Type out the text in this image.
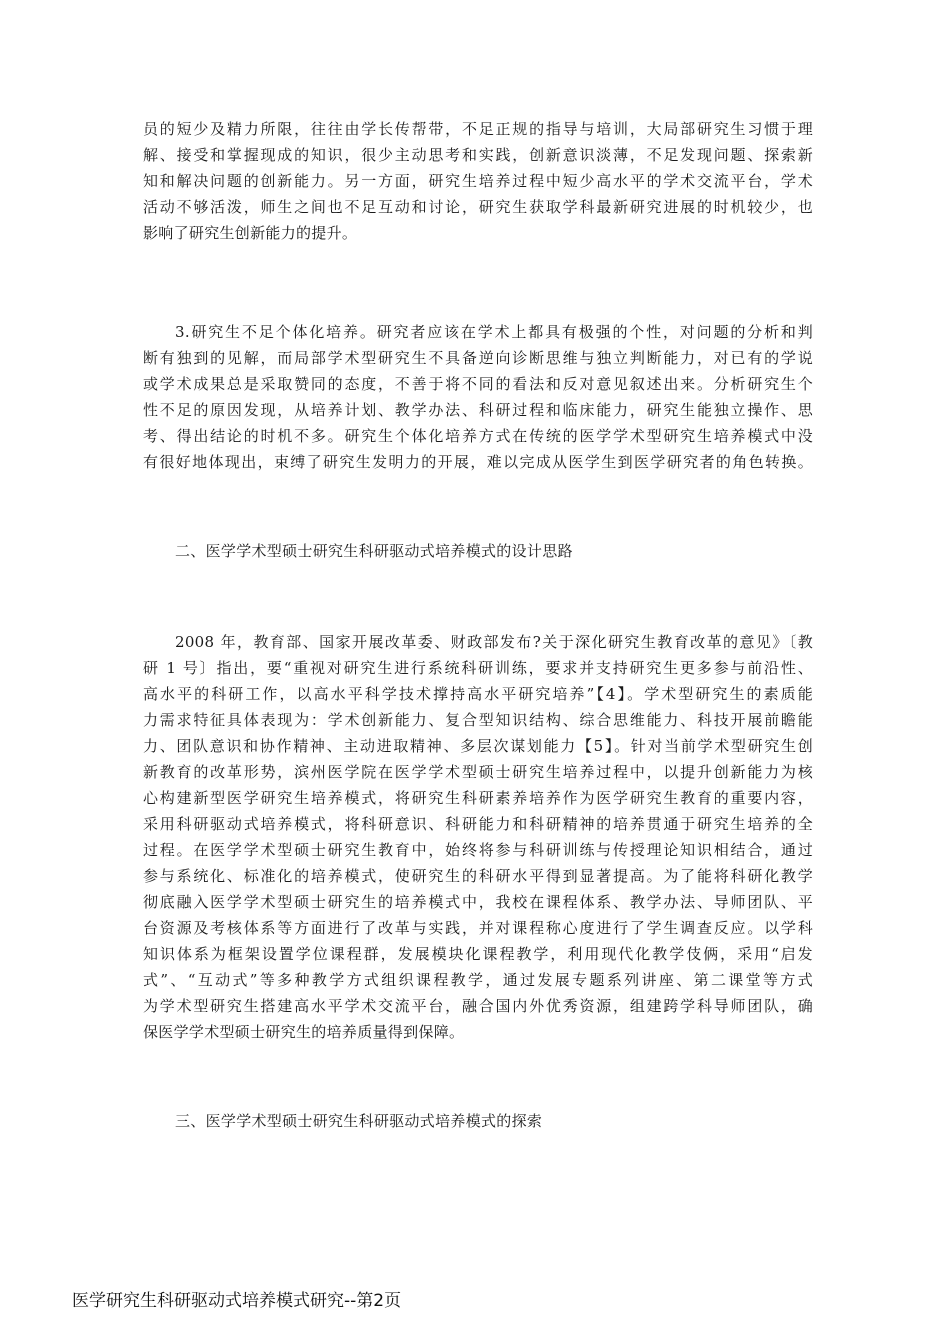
员的短少及精力所限，往往由学长传帮带，不足正规的指导与培训，大局部研究生习惯于理
解、接受和掌握现成的知识，很少主动思考和实践，创新意识淡薄，不足发现问题、探索新
知和解决问题的创新能力。另一方面，研究生培养过程中短少高水平的学术交流平台，学术
活动不够活泼，师生之间也不足互动和讨论，研究生获取学科最新研究进展的时机较少，也
影响了研究生创新能力的提升。
3.研究生不足个体化培养。研究者应该在学术上都具有极强的个性，对问题的分析和判
断有独到的见解，而局部学术型研究生不具备逆向诊断思维与独立判断能力，对已有的学说
或学术成果总是采取赞同的态度，不善于将不同的看法和反对意见叙述出来。分析研究生个
性不足的原因发现，从培养计划、教学办法、科研过程和临床能力，研究生能独立操作、思
考、得出结论的时机不多。研究生个体化培养方式在传统的医学学术型研究生培养模式中没
有很好地体现出，束缚了研究生发明力的开展，难以完成从医学生到医学研究者的角色转换。
二、医学学术型硕士研究生科研驱动式培养模式的设计思路
2008 年，教育部、国家开展改革委、财政部发布?关于深化研究生教育改革的意见》〔教
研 1 号〕指出，要“重视对研究生进行系统科研训练，要求并支持研究生更多参与前沿性、
高水平的科研工作，以高水平科学技术撑持高水平研究培养”【4】。学术型研究生的素质能
力需求特征具体表现为：学术创新能力、复合型知识结构、综合思维能力、科技开展前瞻能
力、团队意识和协作精神、主动进取精神、多层次谋划能力【5】。针对当前学术型研究生创
新教育的改革形势，滨州医学院在医学学术型硕士研究生培养过程中，以提升创新能力为核
心构建新型医学研究生培养模式，将研究生科研素养培养作为医学研究生教育的重要内容，
采用科研驱动式培养模式，将科研意识、科研能力和科研精神的培养贯通于研究生培养的全
过程。在医学学术型硕士研究生教育中，始终将参与科研训练与传授理论知识相结合，通过
参与系统化、标准化的培养模式，使研究生的科研水平得到显著提高。为了能将科研化教学
彻底融入医学学术型硕士研究生的培养模式中，我校在课程体系、教学办法、导师团队、平
台资源及考核体系等方面进行了改革与实践，并对课程称心度进行了学生调查反应。以学科
知识体系为框架设置学位课程群，发展模块化课程教学，利用现代化教学伎俩，采用“启发
式”、“互动式”等多种教学方式组织课程教学，通过发展专题系列讲座、第二课堂等方式
为学术型研究生搭建高水平学术交流平台，融合国内外优秀资源，组建跨学科导师团队，确
保医学学术型硕士研究生的培养质量得到保障。
三、医学学术型硕士研究生科研驱动式培养模式的探索
医学研究生科研驱动式培养模式研究--第2页
